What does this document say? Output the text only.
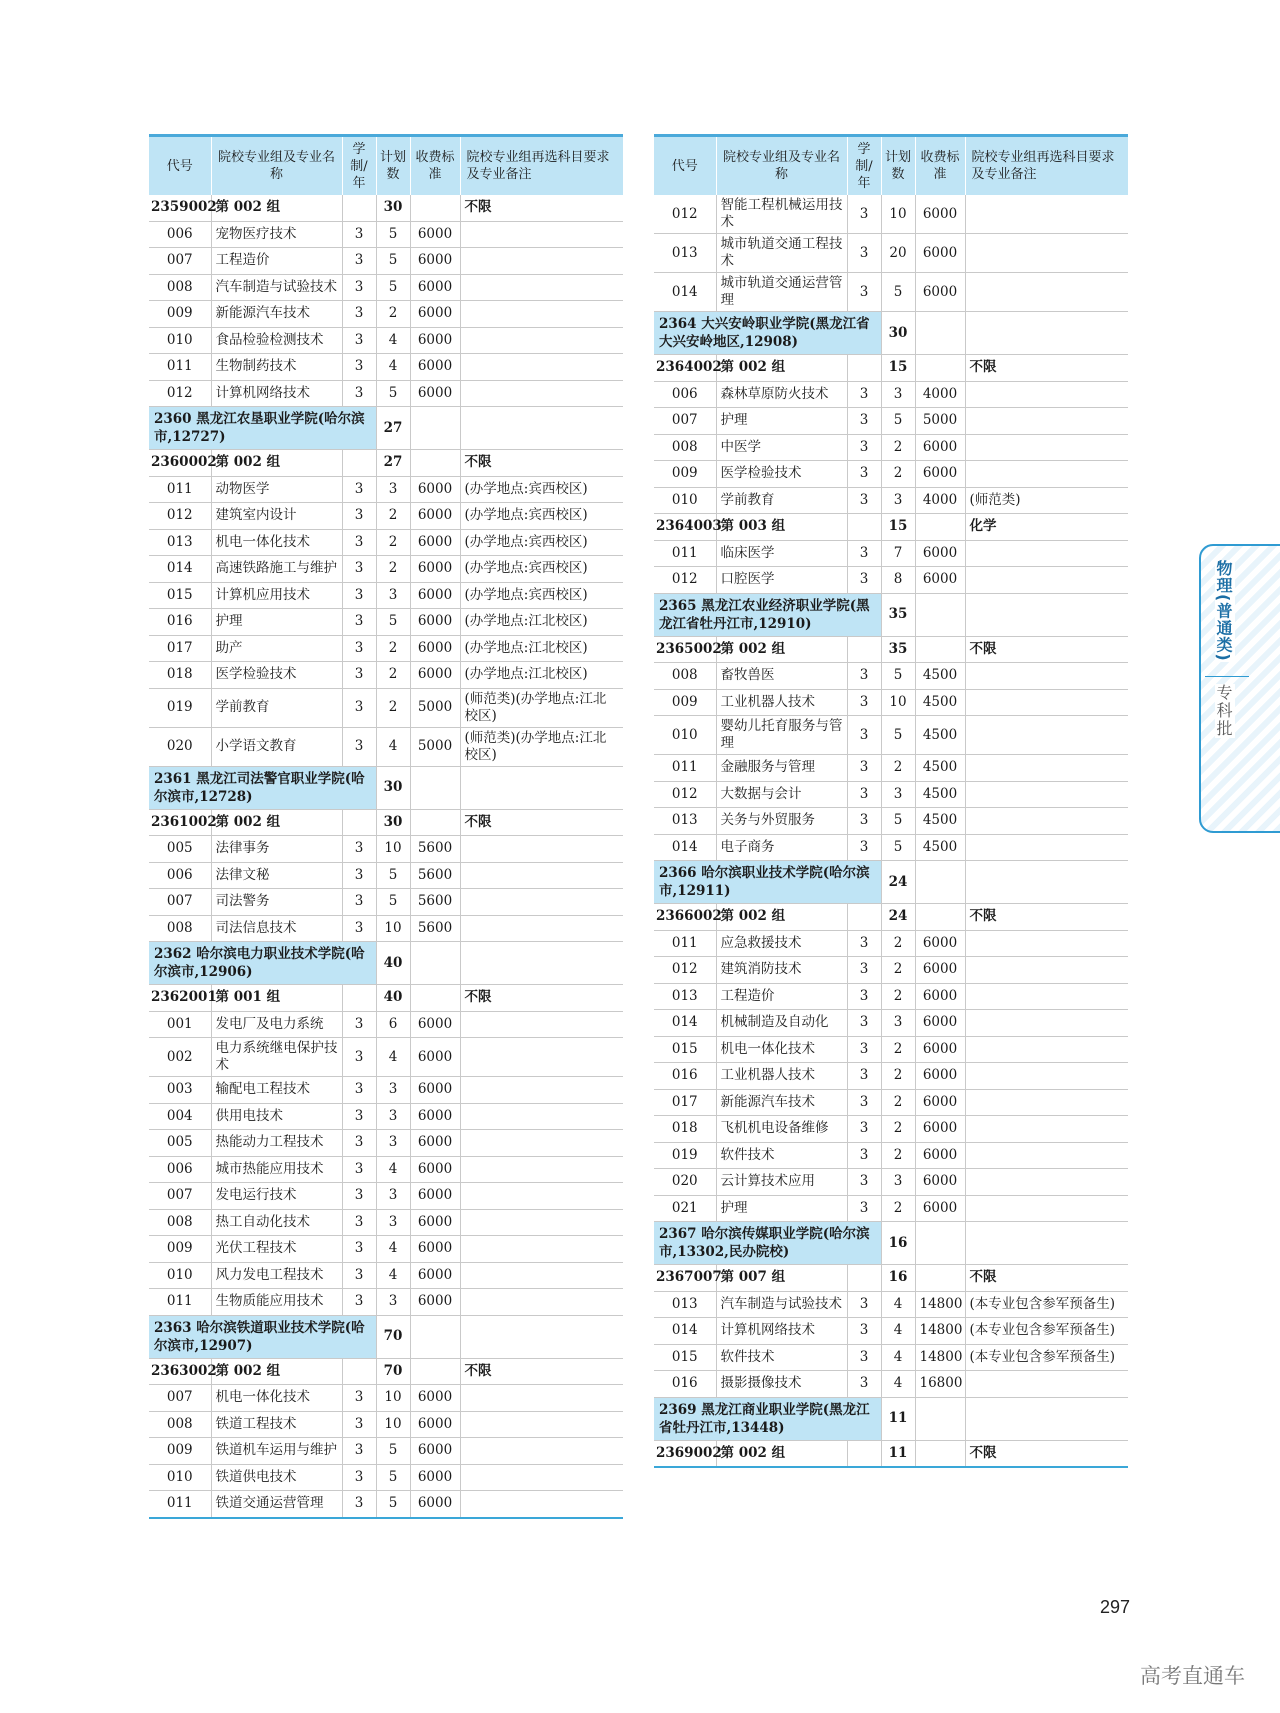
代号	院校专业组及专业名称	学制/年	计划数	收费标准	院校专业组再选科目要求及专业备注
2359002	第 002 组		30		不限
006	宠物医疗技术	3	5	6000	
007	工程造价	3	5	6000	
008	汽车制造与试验技术	3	5	6000	
009	新能源汽车技术	3	2	6000	
010	食品检验检测技术	3	4	6000	
011	生物制药技术	3	4	6000	
012	计算机网络技术	3	5	6000	
2360 黑龙江农垦职业学院(哈尔滨市,12727)			27		
2360002	第 002 组		27		不限
011	动物医学	3	3	6000	(办学地点:宾西校区)
012	建筑室内设计	3	2	6000	(办学地点:宾西校区)
013	机电一体化技术	3	2	6000	(办学地点:宾西校区)
014	高速铁路施工与维护	3	2	6000	(办学地点:宾西校区)
015	计算机应用技术	3	3	6000	(办学地点:宾西校区)
016	护理	3	5	6000	(办学地点:江北校区)
017	助产	3	2	6000	(办学地点:江北校区)
018	医学检验技术	3	2	6000	(办学地点:江北校区)
019	学前教育	3	2	5000	(师范类)(办学地点:江北校区)
020	小学语文教育	3	4	5000	(师范类)(办学地点:江北校区)
2361 黑龙江司法警官职业学院(哈尔滨市,12728)			30		
2361002	第 002 组		30		不限
005	法律事务	3	10	5600	
006	法律文秘	3	5	5600	
007	司法警务	3	5	5600	
008	司法信息技术	3	10	5600	
2362 哈尔滨电力职业技术学院(哈尔滨市,12906)			40		
2362001	第 001 组		40		不限
001	发电厂及电力系统	3	6	6000	
002	电力系统继电保护技术	3	4	6000	
003	输配电工程技术	3	3	6000	
004	供用电技术	3	3	6000	
005	热能动力工程技术	3	3	6000	
006	城市热能应用技术	3	4	6000	
007	发电运行技术	3	3	6000	
008	热工自动化技术	3	3	6000	
009	光伏工程技术	3	4	6000	
010	风力发电工程技术	3	4	6000	
011	生物质能应用技术	3	3	6000	
2363 哈尔滨铁道职业技术学院(哈尔滨市,12907)			70		
2363002	第 002 组		70		不限
007	机电一体化技术	3	10	6000	
008	铁道工程技术	3	10	6000	
009	铁道机车运用与维护	3	5	6000	
010	铁道供电技术	3	5	6000	
011	铁道交通运营管理	3	5	6000	
代号	院校专业组及专业名称	学制/年	计划数	收费标准	院校专业组再选科目要求及专业备注
012	智能工程机械运用技术	3	10	6000	
013	城市轨道交通工程技术	3	20	6000	
014	城市轨道交通运营管理	3	5	6000	
2364 大兴安岭职业学院(黑龙江省大兴安岭地区,12908)			30		
2364002	第 002 组		15		不限
006	森林草原防火技术	3	3	4000	
007	护理	3	5	5000	
008	中医学	3	2	6000	
009	医学检验技术	3	2	6000	
010	学前教育	3	3	4000	(师范类)
2364003	第 003 组		15		化学
011	临床医学	3	7	6000	
012	口腔医学	3	8	6000	
2365 黑龙江农业经济职业学院(黑龙江省牡丹江市,12910)			35		
2365002	第 002 组		35		不限
008	畜牧兽医	3	5	4500	
009	工业机器人技术	3	10	4500	
010	婴幼儿托育服务与管理	3	5	4500	
011	金融服务与管理	3	2	4500	
012	大数据与会计	3	3	4500	
013	关务与外贸服务	3	5	4500	
014	电子商务	3	5	4500	
2366 哈尔滨职业技术学院(哈尔滨市,12911)			24		
2366002	第 002 组		24		不限
011	应急救援技术	3	2	6000	
012	建筑消防技术	3	2	6000	
013	工程造价	3	2	6000	
014	机械制造及自动化	3	3	6000	
015	机电一体化技术	3	2	6000	
016	工业机器人技术	3	2	6000	
017	新能源汽车技术	3	2	6000	
018	飞机机电设备维修	3	2	6000	
019	软件技术	3	2	6000	
020	云计算技术应用	3	3	6000	
021	护理	3	2	6000	
2367 哈尔滨传媒职业学院(哈尔滨市,13302,民办院校)			16		
2367007	第 007 组		16		不限
013	汽车制造与试验技术	3	4	14800	(本专业包含参军预备生)
014	计算机网络技术	3	4	14800	(本专业包含参军预备生)
015	软件技术	3	4	14800	(本专业包含参军预备生)
016	摄影摄像技术	3	4	16800	
2369 黑龙江商业职业学院(黑龙江省牡丹江市,13448)			11		
2369002	第 002 组		11		不限
物理(普通类)
专科批
297
高考直通车
